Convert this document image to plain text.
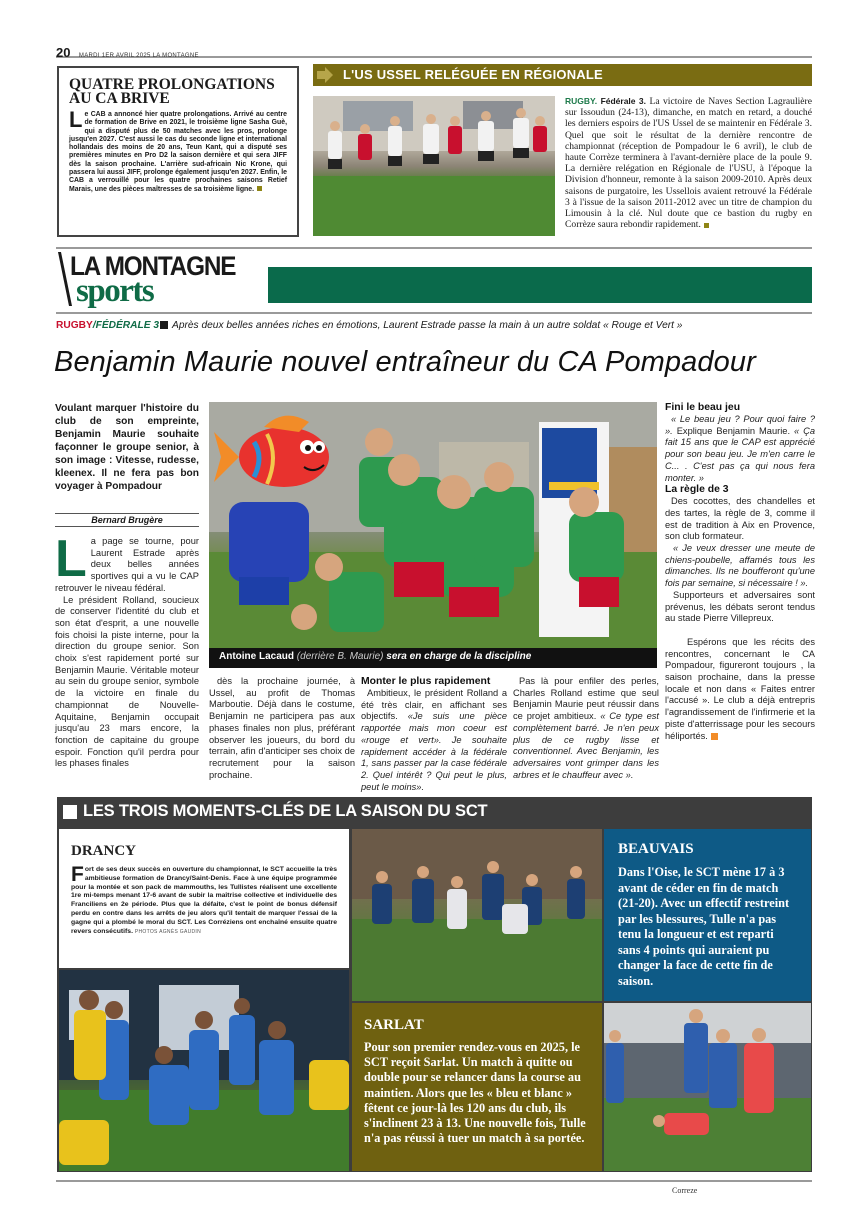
20 MARDI 1ER AVRIL 2025 LA MONTAGNE
QUATRE PROLONGATIONS AU CA BRIVE

Le CAB a annoncé hier quatre prolongations. Arrivé au centre de formation de Brive en 2021, le troisième ligne Sasha Guè, qui a disputé plus de 50 matches avec les pros, prolonge jusqu'en 2027. C'est aussi le cas du seconde ligne et international hollandais des moins de 20 ans, Teun Kant, qui a disputé ses premières minutes en Pro D2 la saison dernière et qui sera JIFF dès la saison prochaine. L'arrière sud-africain Nic Krone, qui passera lui aussi JIFF, prolonge également jusqu'en 2027. Enfin, le CAB a verrouillé pour les quatre prochaines saisons Retief Marais, une des pièces maîtresses de sa troisième ligne.

L'US USSEL RELÉGUÉE EN RÉGIONALE
RUGBY. Fédérale 3. La victoire de Naves Section Lagraulière sur Issoudun (24-13), dimanche, en match en retard, a douché les derniers espoirs de l'US Ussel de se maintenir en Fédérale 3. Quel que soit le résultat de la dernière rencontre de championnat (réception de Pompadour le 6 avril), le club de haute Corrèze terminera à l'avant-dernière place de la poule 9. La dernière relégation en Régionale de l'USU, à l'époque la Division d'honneur, remonte à la saison 2009-2010. Après deux saisons de purgatoire, les Ussellois avaient retrouvé la Fédérale 3 à l'issue de la saison 2011-2012 avec un titre de champion du Limousin à la clé. Nul doute que ce bastion du rugby en Corrèze saura rebondir rapidement.
LA MONTAGNE
sports
RUGBY/FÉDÉRALE 3 Après deux belles années riches en émotions, Laurent Estrade passe la main à un autre soldat « Rouge et Vert »
Benjamin Maurie nouvel entraîneur du CA Pompadour
Voulant marquer l'histoire du club de son empreinte, Benjamin Maurie souhaite façonner le groupe senior, à son image : Vitesse, rudesse, kleenex. Il ne fera pas bon voyager à Pompadour
Bernard Brugère

La page se tourne, pour Laurent Estrade après deux belles années sportives qui a vu le CAP retrouver le niveau fédéral.

Le président Rolland, soucieux de conserver l'identité du club et son état d'esprit, a une nouvelle fois choisi la piste interne, pour la direction du groupe senior. Son choix s'est rapidement porté sur Benjamin Maurie. Véritable moteur au sein du groupe senior, symbole de la victoire en finale du championnat de Nouvelle-Aquitaine, Benjamin occupait jusqu'au 23 mars encore, la fonction de capitaine du groupe espoir. Fonction qu'il perdra pour les phases finales

Antoine Lacaud (derrière B. Maurie) sera en charge de la discipline

dès la prochaine journée, à Ussel, au profit de Thomas Marboutie. Déjà dans le costume, Benjamin ne participera pas aux phases finales non plus, préférant observer les joueurs, du bord du terrain, afin d'anticiper ses choix de recrutement pour la saison prochaine.

Monter le plus rapidement

Ambitieux, le président Rolland a été très clair, en affichant ses objectifs. «Je suis une pièce rapportée mais mon coeur est «rouge et vert». Je souhaite rapidement accéder à la fédérale 1, sans passer par la case fédérale 2. Quel intérêt ? Qui peut le plus, peut le moins».

Pas là pour enfiler des perles, Charles Rolland estime que seul Benjamin Maurie peut réussir dans ce projet ambitieux. « Ce type est complètement barré. Je n'en peux plus de ce rugby lisse et conventionnel. Avec Benjamin, les adversaires vont grimper dans les arbres et le chauffeur avec ».

Fini le beau jeu

« Le beau jeu ? Pour quoi faire ? ». Explique Benjamin Maurie. « Ça fait 15 ans que le CAP est apprécié pour son beau jeu. Je m'en carre le C... . C'est pas ça qui nous fera monter. »

La règle de 3

Des cocottes, des chandelles et des tartes, la règle de 3, comme il est de tradition à Aix en Provence, son club formateur.

« Je veux dresser une meute de chiens-poubelle, affamés tous les dimanches. Ils ne boufferont qu'une fois par semaine, si nécessaire ! ».

Supporteurs et adversaires sont prévenus, les débats seront tendus au stade Pierre Villepreux.

Espérons que les récits des rencontres, concernant le CA Pompadour, figureront toujours , la saison prochaine, dans la presse locale et non dans « Faites entrer l'accusé ». Le club a déjà entrepris l'agrandissement de l'infirmerie et la piste d'atterrissage pour les secours héliportés.

LES TROIS MOMENTS-CLÉS DE LA SAISON DU SCT
DRANCY

Fort de ses deux succès en ouverture du championnat, le SCT accueille la très ambitieuse formation de Drancy/Saint-Denis. Face à une équipe programmée pour la montée et son pack de mammouths, les Tullistes réalisent une excellente 1re mi-temps menant 17-6 avant de subir la maîtrise collective et individuelle des Franciliens en 2e période. Plus que la défaite, c'est le point de bonus défensif perdu en contre dans les arrêts de jeu alors qu'il tentait de marquer l'essai de la gagne qui a plombé le moral du SCT. Les Corréziens ont enchaîné ensuite quatre revers consécutifs. PHOTOS AGNÈS GAUDIN

BEAUVAIS

Dans l'Oise, le SCT mène 17 à 3 avant de céder en fin de match (21-20). Avec un effectif restreint par les blessures, Tulle n'a pas tenu la longueur et est reparti sans 4 points qui auraient pu changer la face de cette fin de saison.

SARLAT

Pour son premier rendez-vous en 2025, le SCT reçoit Sarlat. Un match à quitte ou double pour se relancer dans la course au maintien. Alors que les « bleu et blanc » fêtent ce jour-là les 120 ans du club, ils s'inclinent 23 à 13. Une nouvelle fois, Tulle n'a pas réussi à tuer un match à sa portée.

Correze
